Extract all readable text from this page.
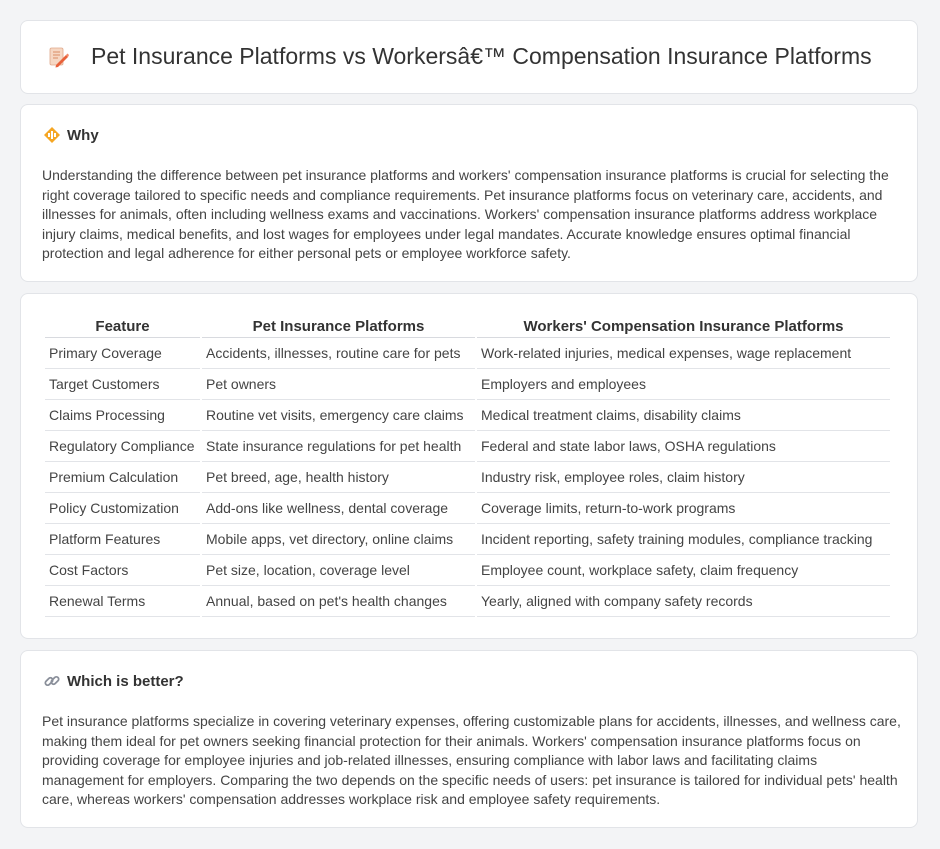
Pet Insurance Platforms vs Workersâ€™ Compensation Insurance Platforms
Why
Understanding the difference between pet insurance platforms and workers' compensation insurance platforms is crucial for selecting the right coverage tailored to specific needs and compliance requirements. Pet insurance platforms focus on veterinary care, accidents, and illnesses for animals, often including wellness exams and vaccinations. Workers' compensation insurance platforms address workplace injury claims, medical benefits, and lost wages for employees under legal mandates. Accurate knowledge ensures optimal financial protection and legal adherence for either personal pets or employee workforce safety.
Feature	Pet Insurance Platforms	Workers' Compensation Insurance Platforms
Primary Coverage	Accidents, illnesses, routine care for pets	Work-related injuries, medical expenses, wage replacement
Target Customers	Pet owners	Employers and employees
Claims Processing	Routine vet visits, emergency care claims	Medical treatment claims, disability claims
Regulatory Compliance	State insurance regulations for pet health	Federal and state labor laws, OSHA regulations
Premium Calculation	Pet breed, age, health history	Industry risk, employee roles, claim history
Policy Customization	Add-ons like wellness, dental coverage	Coverage limits, return-to-work programs
Platform Features	Mobile apps, vet directory, online claims	Incident reporting, safety training modules, compliance tracking
Cost Factors	Pet size, location, coverage level	Employee count, workplace safety, claim frequency
Renewal Terms	Annual, based on pet's health changes	Yearly, aligned with company safety records
Which is better?
Pet insurance platforms specialize in covering veterinary expenses, offering customizable plans for accidents, illnesses, and wellness care, making them ideal for pet owners seeking financial protection for their animals. Workers' compensation insurance platforms focus on providing coverage for employee injuries and job-related illnesses, ensuring compliance with labor laws and facilitating claims management for employers. Comparing the two depends on the specific needs of users: pet insurance is tailored for individual pets' health care, whereas workers' compensation addresses workplace risk and employee safety requirements.
